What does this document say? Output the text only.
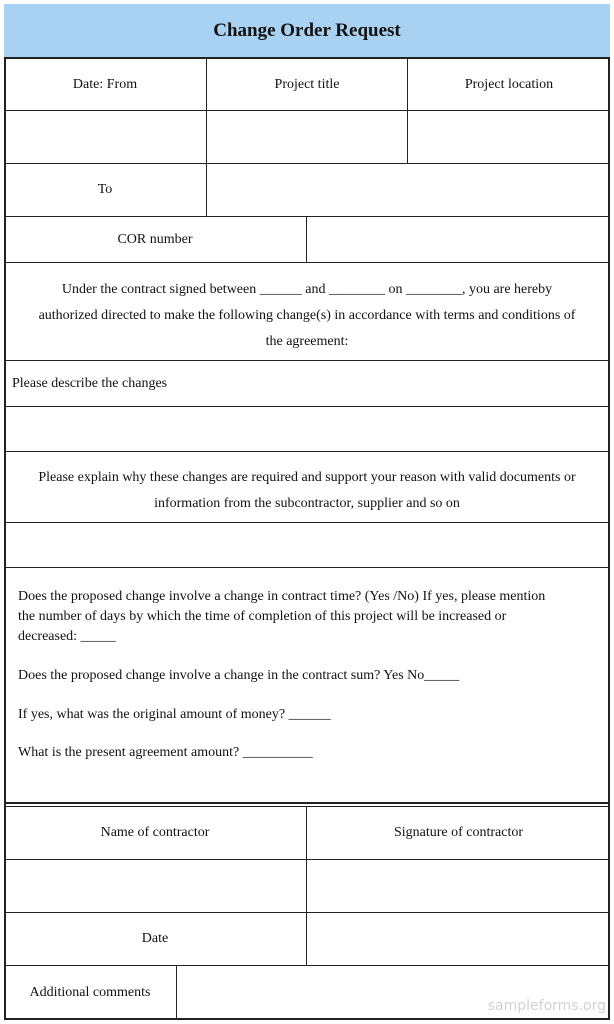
Change Order Request
Date: From	Project title	Project location
To
COR number
Under the contract signed between ______ and ________ on ________, you are hereby
authorized directed to make the following change(s) in accordance with terms and conditions of
the agreement:
Please describe the changes
Please explain why these changes are required and support your reason with valid documents or
information from the subcontractor, supplier and so on
Does the proposed change involve a change in contract time? (Yes /No) If yes, please mention
the number of days by which the time of completion of this project will be increased or
decreased: _____
Does the proposed change involve a change in the contract sum? Yes No_____
If yes, what was the original amount of money? ______
What is the present agreement amount? __________
Name of contractor	Signature of contractor
Date
Additional comments
sampleforms.org
